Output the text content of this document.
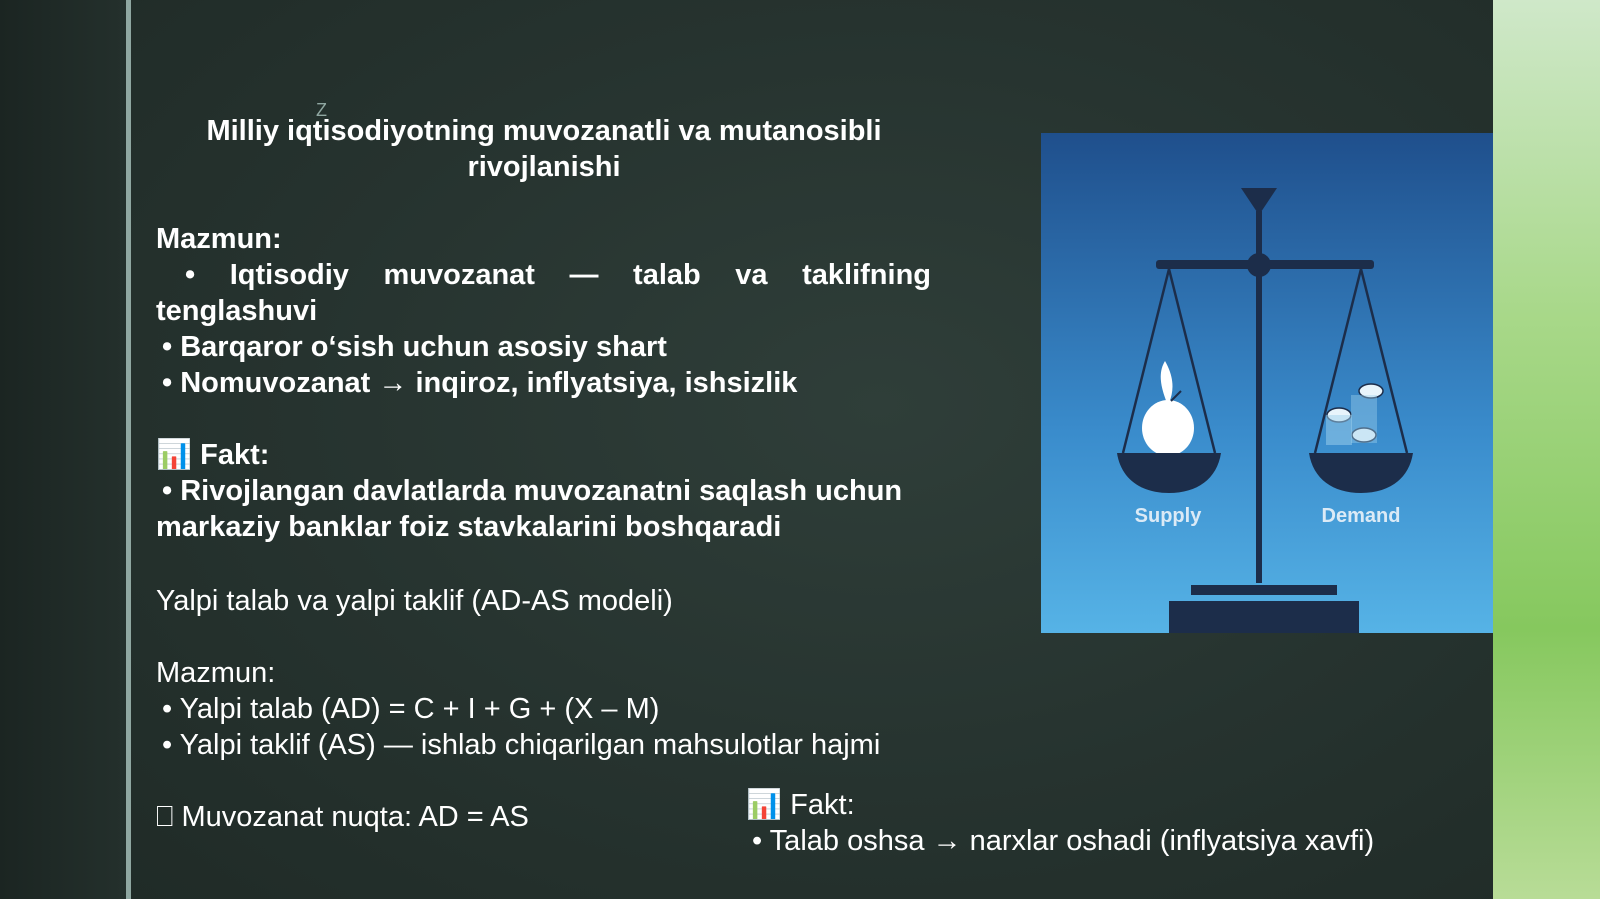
Z
Milliy iqtisodiyotning muvozanatli va mutanosibli rivojlanishi
Mazmun:
• Iqtisodiy muvozanat — talab va taklifning
tenglashuvi
• Barqaror o‘sish uchun asosiy shart
• Nomuvozanat → inqiroz, inflyatsiya, ishsizlik
📊 Fakt:
• Rivojlangan davlatlarda muvozanatni saqlash uchun
markaziy banklar foiz stavkalarini boshqaradi
Yalpi talab va yalpi taklif (AD-AS modeli)
Mazmun:
• Yalpi talab (AD) = C + I + G + (X – M)
• Yalpi taklif (AS) — ishlab chiqarilgan mahsulotlar hajmi
⎕ Muvozanat nuqta: AD = AS	📊 Fakt:
• Talab oshsa → narxlar oshadi (inflyatsiya xavfi)
Supply	Demand
